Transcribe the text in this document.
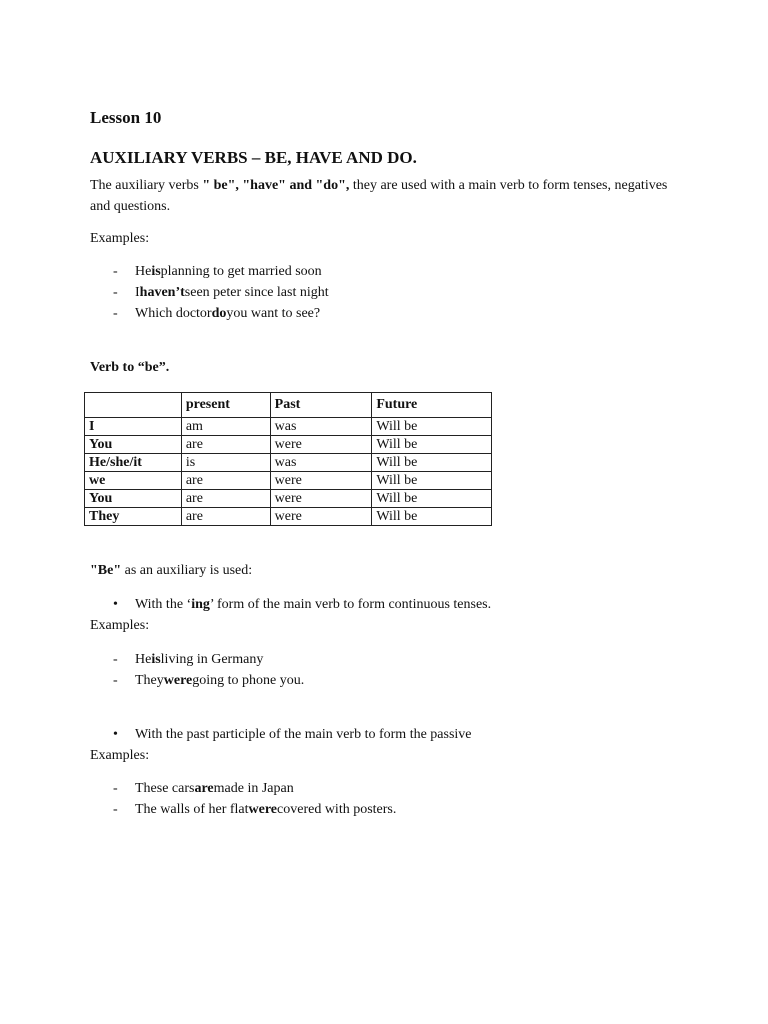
Lesson 10
AUXILIARY VERBS – BE, HAVE AND DO.
The auxiliary verbs " be", "have" and "do", they are used with a main verb to form tenses, negatives and questions.
Examples:
-	He is planning to get married soon
-	I haven’t seen peter since last night
-	Which doctor do you want to see?
Verb to “be”.
	present	Past	Future
I	am	was	Will be
You	are	were	Will be
He/she/it	is	was	Will be
we	are	were	Will be
You	are	were	Will be
They	are	were	Will be
"Be" as an auxiliary is used:
•	With the ‘ ing ’ form of the main verb to form continuous tenses.
Examples:
-	He is living in Germany
-	They were going to phone you.
•	With the past participle of the main verb to form the passive
Examples:
-	These cars are made in Japan
-	The walls of her flat were covered with posters.
